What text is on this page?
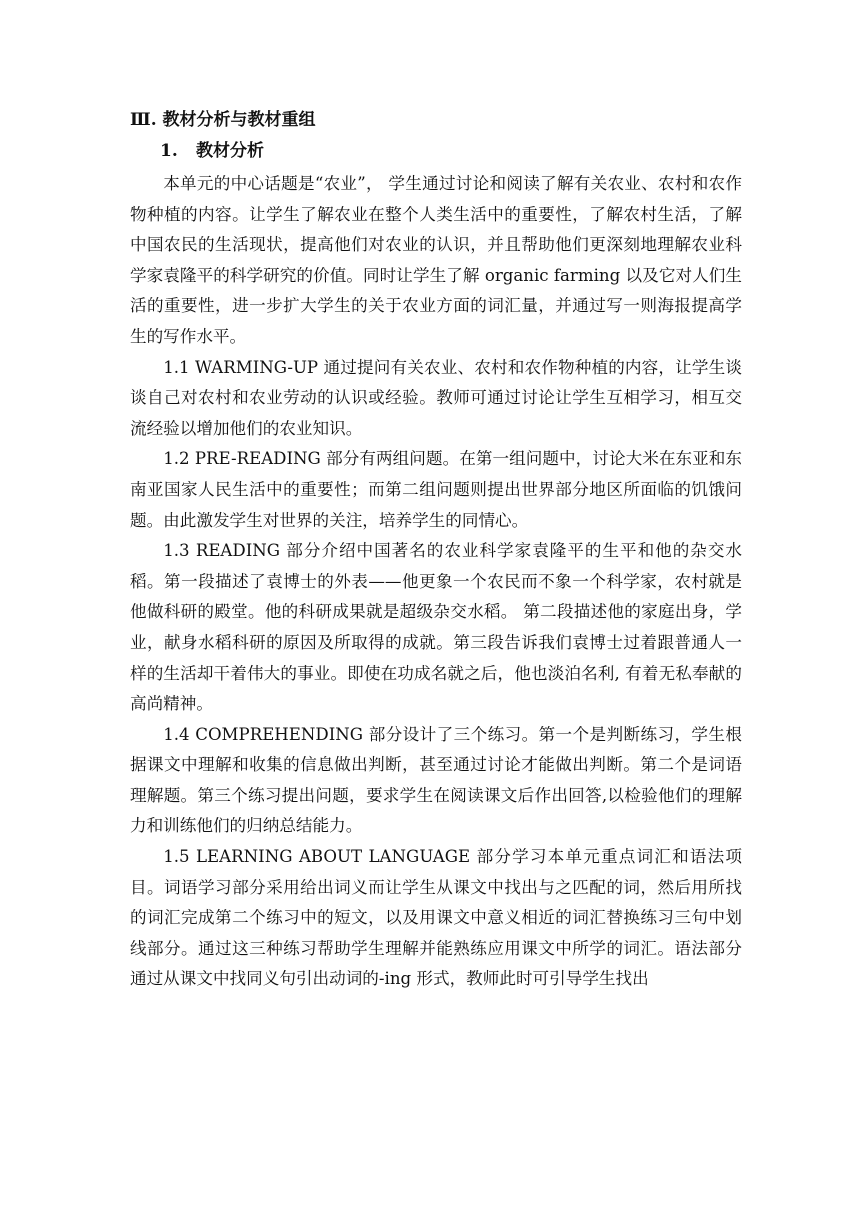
Ⅲ. 教材分析与教材重组
1. 教材分析

本单元的中心话题是“农业”， 学生通过讨论和阅读了解有关农业、农村和农作物种植的内容。让学生了解农业在整个人类生活中的重要性，了解农村生活，了解中国农民的生活现状，提高他们对农业的认识，并且帮助他们更深刻地理解农业科学家袁隆平的科学研究的价值。同时让学生了解 organic farming 以及它对人们生活的重要性，进一步扩大学生的关于农业方面的词汇量，并通过写一则海报提高学生的写作水平。

1.1 WARMING-UP 通过提问有关农业、农村和农作物种植的内容，让学生谈谈自己对农村和农业劳动的认识或经验。教师可通过讨论让学生互相学习，相互交流经验以增加他们的农业知识。

1.2 PRE-READING 部分有两组问题。在第一组问题中，讨论大米在东亚和东南亚国家人民生活中的重要性；而第二组问题则提出世界部分地区所面临的饥饿问题。由此激发学生对世界的关注，培养学生的同情心。

1.3 READING 部分介绍中国著名的农业科学家袁隆平的生平和他的杂交水稻。第一段描述了袁博士的外表——他更象一个农民而不象一个科学家，农村就是他做科研的殿堂。他的科研成果就是超级杂交水稻。 第二段描述他的家庭出身，学业，献身水稻科研的原因及所取得的成就。第三段告诉我们袁博士过着跟普通人一样的生活却干着伟大的事业。即使在功成名就之后，他也淡泊名利, 有着无私奉献的高尚精神。

1.4 COMPREHENDING 部分设计了三个练习。第一个是判断练习，学生根据课文中理解和收集的信息做出判断，甚至通过讨论才能做出判断。第二个是词语理解题。第三个练习提出问题，要求学生在阅读课文后作出回答,以检验他们的理解力和训练他们的归纳总结能力。

1.5 LEARNING ABOUT LANGUAGE 部分学习本单元重点词汇和语法项目。词语学习部分采用给出词义而让学生从课文中找出与之匹配的词，然后用所找的词汇完成第二个练习中的短文，以及用课文中意义相近的词汇替换练习三句中划线部分。通过这三种练习帮助学生理解并能熟练应用课文中所学的词汇。语法部分通过从课文中找同义句引出动词的-ing 形式，教师此时可引导学生找出
